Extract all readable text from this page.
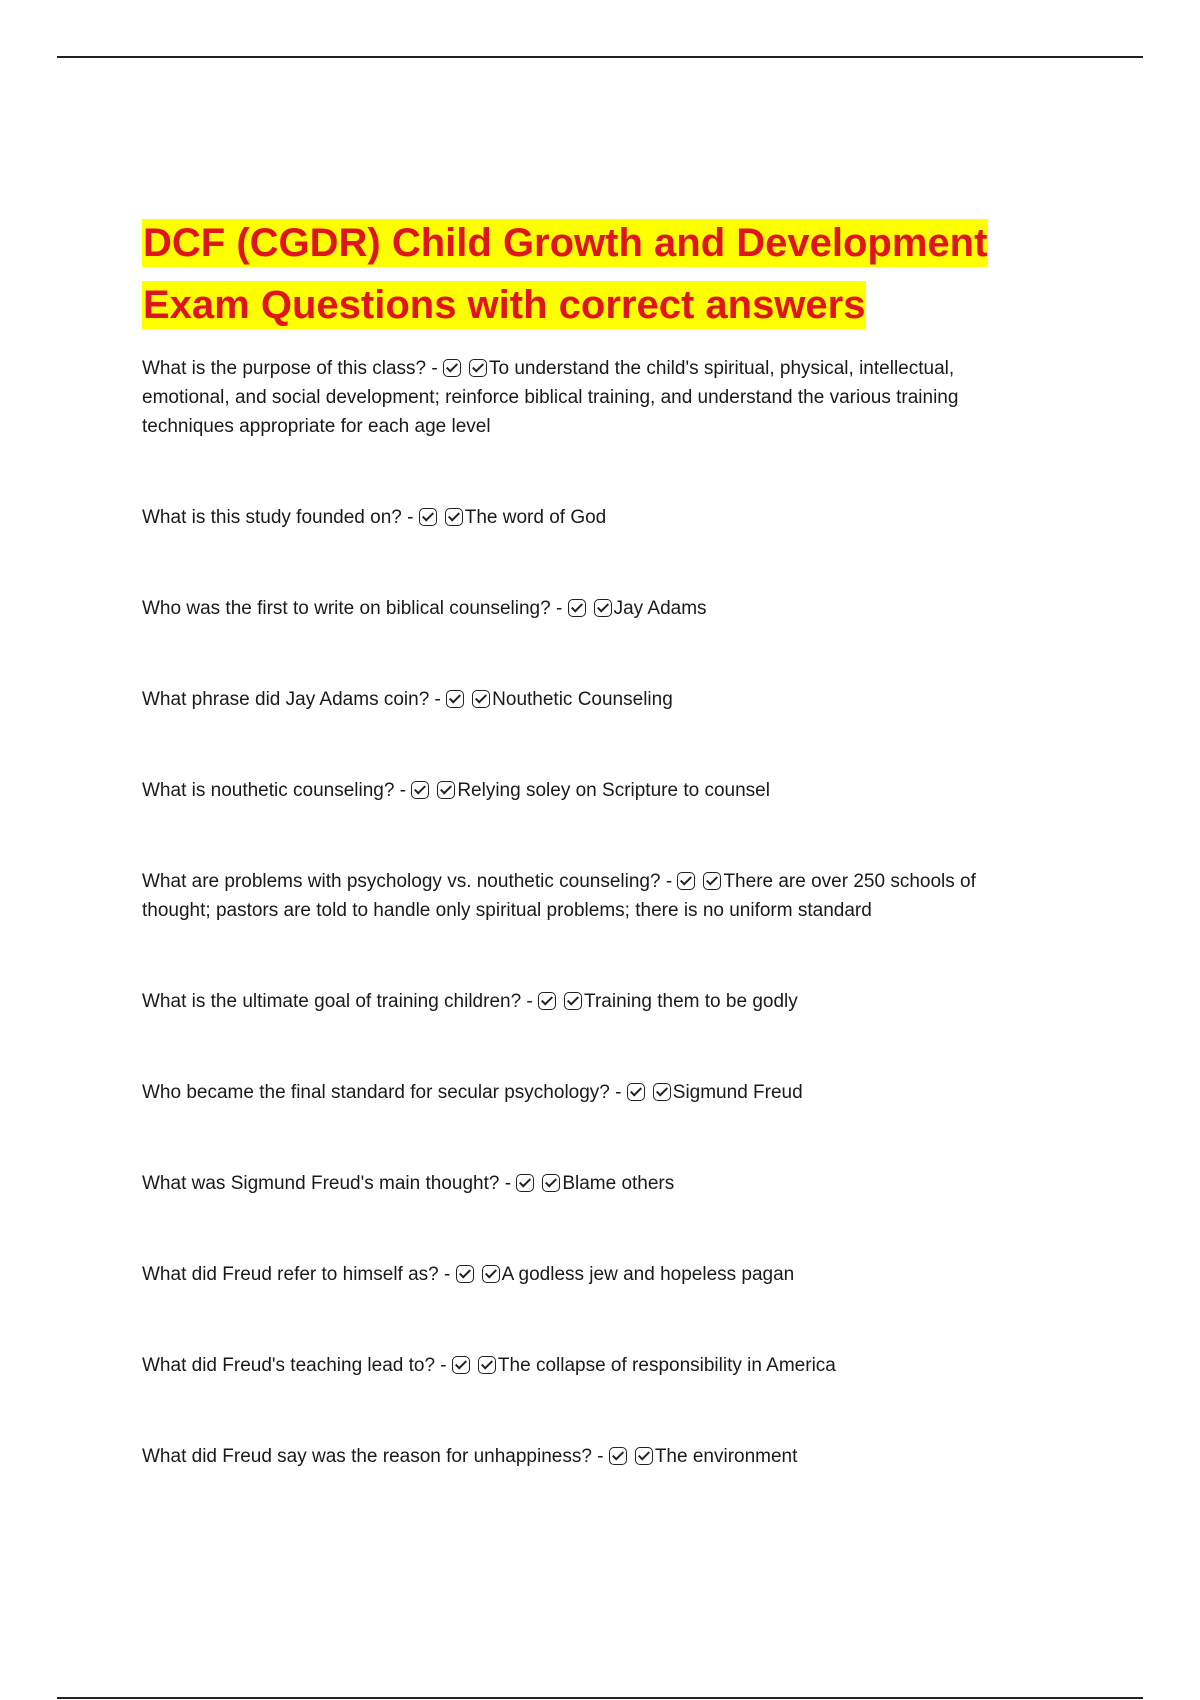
DCF (CGDR) Child Growth and Development
Exam Questions with correct answers

What is the purpose of this class? - To understand the child's spiritual, physical, intellectual, emotional, and social development; reinforce biblical training, and understand the various training techniques appropriate for each age level

What is this study founded on? - The word of God

Who was the first to write on biblical counseling? - Jay Adams

What phrase did Jay Adams coin? - Nouthetic Counseling

What is nouthetic counseling? - Relying soley on Scripture to counsel

What are problems with psychology vs. nouthetic counseling? - There are over 250 schools of thought; pastors are told to handle only spiritual problems; there is no uniform standard

What is the ultimate goal of training children? - Training them to be godly

Who became the final standard for secular psychology? - Sigmund Freud

What was Sigmund Freud's main thought? - Blame others

What did Freud refer to himself as? - A godless jew and hopeless pagan

What did Freud's teaching lead to? - The collapse of responsibility in America

What did Freud say was the reason for unhappiness? - The environment
